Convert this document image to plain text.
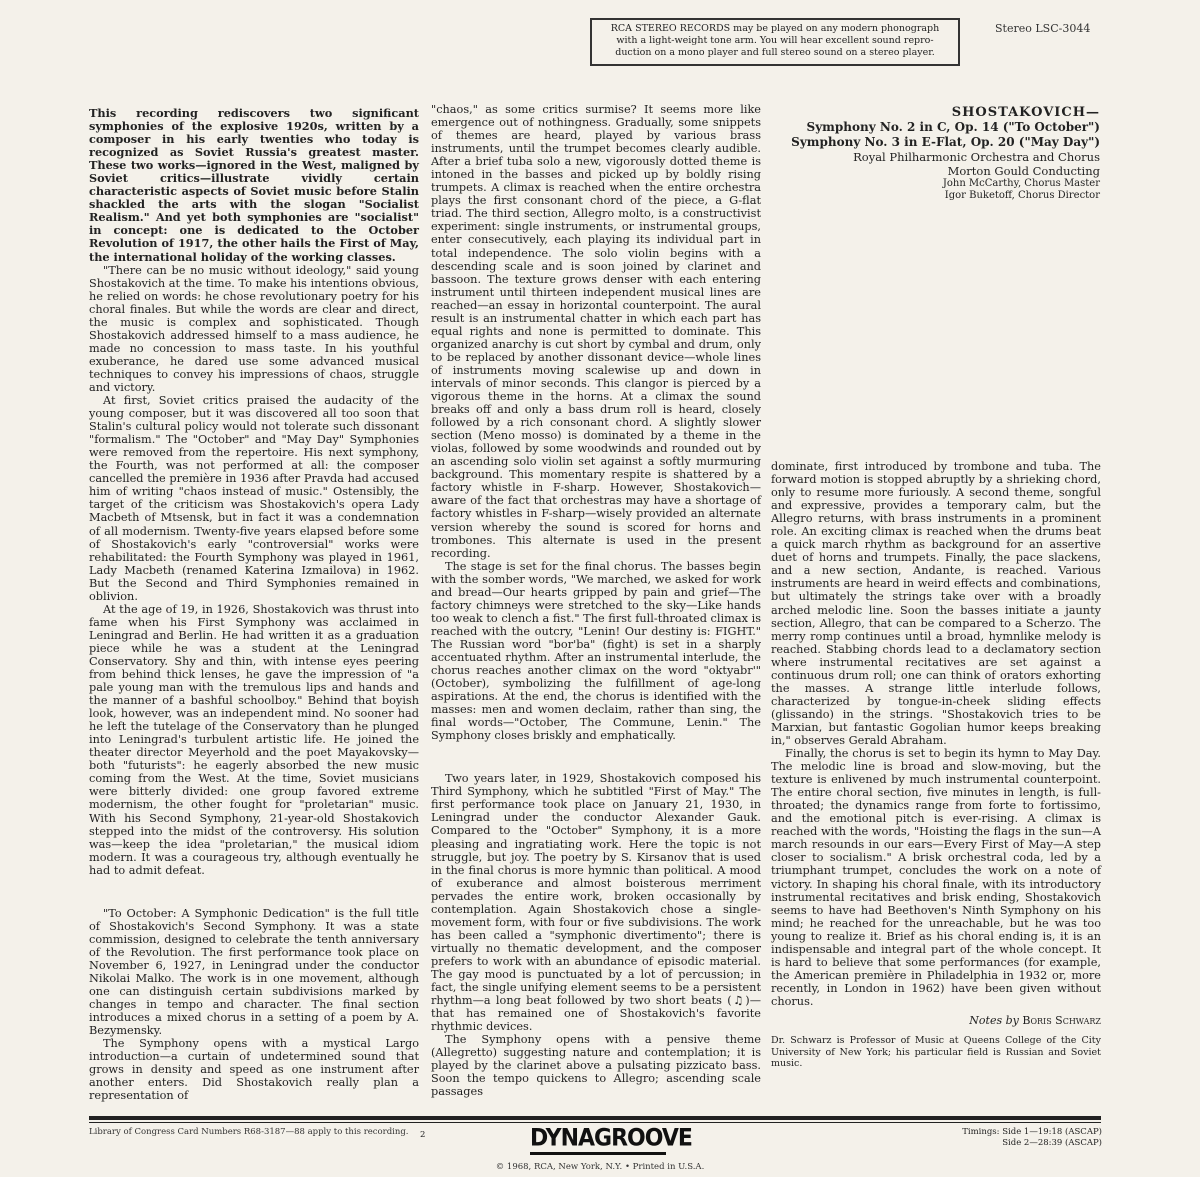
RCA STEREO RECORDS may be played on any modern phonograph
with a light-weight tone arm. You will hear excellent sound repro-
duction on a mono player and full stereo sound on a stereo player.
Stereo LSC-3044
SHOSTAKOVICH—
Symphony No. 2 in C, Op. 14 ("To October")
Symphony No. 3 in E-Flat, Op. 20 ("May Day")
Royal Philharmonic Orchestra and Chorus
Morton Gould Conducting
John McCarthy, Chorus Master
Igor Buketoff, Chorus Director

This recording rediscovers two significant symphonies of the explosive 1920s, written by a composer in his early twenties who today is recognized as Soviet Russia's greatest master. These two works—ignored in the West, maligned by Soviet critics—illustrate vividly certain characteristic aspects of Soviet music before Stalin shackled the arts with the slogan "Socialist Realism." And yet both symphonies are "socialist" in concept: one is dedicated to the October Revolution of 1917, the other hails the First of May, the international holiday of the working classes.

"There can be no music without ideology," said young Shostakovich at the time. To make his intentions obvious, he relied on words: he chose revolutionary poetry for his choral finales. But while the words are clear and direct, the music is complex and sophisticated. Though Shostakovich addressed himself to a mass audience, he made no concession to mass taste. In his youthful exuberance, he dared use some advanced musical techniques to convey his impressions of chaos, struggle and victory.

At first, Soviet critics praised the audacity of the young composer, but it was discovered all too soon that Stalin's cultural policy would not tolerate such dissonant "formalism." The "October" and "May Day" Symphonies were removed from the repertoire. His next symphony, the Fourth, was not performed at all: the composer cancelled the première in 1936 after Pravda had accused him of writing "chaos instead of music." Ostensibly, the target of the criticism was Shostakovich's opera Lady Macbeth of Mtsensk, but in fact it was a condemnation of all modernism. Twenty-five years elapsed before some of Shostakovich's early "controversial" works were rehabilitated: the Fourth Symphony was played in 1961, Lady Macbeth (renamed Katerina Izmailova) in 1962. But the Second and Third Symphonies remained in oblivion.

At the age of 19, in 1926, Shostakovich was thrust into fame when his First Symphony was acclaimed in Leningrad and Berlin. He had written it as a graduation piece while he was a student at the Leningrad Conservatory. Shy and thin, with intense eyes peering from behind thick lenses, he gave the impression of "a pale young man with the tremulous lips and hands and the manner of a bashful schoolboy." Behind that boyish look, however, was an independent mind. No sooner had he left the tutelage of the Conservatory than he plunged into Leningrad's turbulent artistic life. He joined the theater director Meyerhold and the poet Mayakovsky—both "futurists": he eagerly absorbed the new music coming from the West. At the time, Soviet musicians were bitterly divided: one group favored extreme modernism, the other fought for "proletarian" music. With his Second Symphony, 21-year-old Shostakovich stepped into the midst of the controversy. His solution was—keep the idea "proletarian," the musical idiom modern. It was a courageous try, although eventually he had to admit defeat.

"To October: A Symphonic Dedication" is the full title of Shostakovich's Second Symphony. It was a state commission, designed to celebrate the tenth anniversary of the Revolution. The first performance took place on November 6, 1927, in Leningrad under the conductor Nikolai Malko. The work is in one movement, although one can distinguish certain subdivisions marked by changes in tempo and character. The final section introduces a mixed chorus in a setting of a poem by A. Bezymensky.

The Symphony opens with a mystical Largo introduction—a curtain of undetermined sound that grows in density and speed as one instrument after another enters. Did Shostakovich really plan a representation of

"chaos," as some critics surmise? It seems more like emergence out of nothingness. Gradually, some snippets of themes are heard, played by various brass instruments, until the trumpet becomes clearly audible. After a brief tuba solo a new, vigorously dotted theme is intoned in the basses and picked up by boldly rising trumpets. A climax is reached when the entire orchestra plays the first consonant chord of the piece, a G-flat triad. The third section, Allegro molto, is a constructivist experiment: single instruments, or instrumental groups, enter consecutively, each playing its individual part in total independence. The solo violin begins with a descending scale and is soon joined by clarinet and bassoon. The texture grows denser with each entering instrument until thirteen independent musical lines are reached—an essay in horizontal counterpoint. The aural result is an instrumental chatter in which each part has equal rights and none is permitted to dominate. This organized anarchy is cut short by cymbal and drum, only to be replaced by another dissonant device—whole lines of instruments moving scalewise up and down in intervals of minor seconds. This clangor is pierced by a vigorous theme in the horns. At a climax the sound breaks off and only a bass drum roll is heard, closely followed by a rich consonant chord. A slightly slower section (Meno mosso) is dominated by a theme in the violas, followed by some woodwinds and rounded out by an ascending solo violin set against a softly murmuring background. This momentary respite is shattered by a factory whistle in F-sharp. However, Shostakovich—aware of the fact that orchestras may have a shortage of factory whistles in F-sharp—wisely provided an alternate version whereby the sound is scored for horns and trombones. This alternate is used in the present recording.

The stage is set for the final chorus. The basses begin with the somber words, "We marched, we asked for work and bread—Our hearts gripped by pain and grief—The factory chimneys were stretched to the sky—Like hands too weak to clench a fist." The first full-throated climax is reached with the outcry, "Lenin! Our destiny is: FIGHT." The Russian word "bor'ba" (fight) is set in a sharply accentuated rhythm. After an instrumental interlude, the chorus reaches another climax on the word "oktyabr'" (October), symbolizing the fulfillment of age-long aspirations. At the end, the chorus is identified with the masses: men and women declaim, rather than sing, the final words—"October, The Commune, Lenin." The Symphony closes briskly and emphatically.

Two years later, in 1929, Shostakovich composed his Third Symphony, which he subtitled "First of May." The first performance took place on January 21, 1930, in Leningrad under the conductor Alexander Gauk. Compared to the "October" Symphony, it is a more pleasing and ingratiating work. Here the topic is not struggle, but joy. The poetry by S. Kirsanov that is used in the final chorus is more hymnic than political. A mood of exuberance and almost boisterous merriment pervades the entire work, broken occasionally by contemplation. Again Shostakovich chose a single-movement form, with four or five subdivisions. The work has been called a "symphonic divertimento"; there is virtually no thematic development, and the composer prefers to work with an abundance of episodic material. The gay mood is punctuated by a lot of percussion; in fact, the single unifying element seems to be a persistent rhythm—a long beat followed by two short beats (♫)—that has remained one of Shostakovich's favorite rhythmic devices.

The Symphony opens with a pensive theme (Allegretto) suggesting nature and contemplation; it is played by the clarinet above a pulsating pizzicato bass. Soon the tempo quickens to Allegro; ascending scale passages

dominate, first introduced by trombone and tuba. The forward motion is stopped abruptly by a shrieking chord, only to resume more furiously. A second theme, songful and expressive, provides a temporary calm, but the Allegro returns, with brass instruments in a prominent role. An exciting climax is reached when the drums beat a quick march rhythm as background for an assertive duet of horns and trumpets. Finally, the pace slackens, and a new section, Andante, is reached. Various instruments are heard in weird effects and combinations, but ultimately the strings take over with a broadly arched melodic line. Soon the basses initiate a jaunty section, Allegro, that can be compared to a Scherzo. The merry romp continues until a broad, hymnlike melody is reached. Stabbing chords lead to a declamatory section where instrumental recitatives are set against a continuous drum roll; one can think of orators exhorting the masses. A strange little interlude follows, characterized by tongue-in-cheek sliding effects (glissando) in the strings. "Shostakovich tries to be Marxian, but fantastic Gogolian humor keeps breaking in," observes Gerald Abraham.

Finally, the chorus is set to begin its hymn to May Day. The melodic line is broad and slow-moving, but the texture is enlivened by much instrumental counterpoint. The entire choral section, five minutes in length, is full-throated; the dynamics range from forte to fortissimo, and the emotional pitch is ever-rising. A climax is reached with the words, "Hoisting the flags in the sun—A march resounds in our ears—Every First of May—A step closer to socialism." A brisk orchestral coda, led by a triumphant trumpet, concludes the work on a note of victory. In shaping his choral finale, with its introductory instrumental recitatives and brisk ending, Shostakovich seems to have had Beethoven's Ninth Symphony on his mind; he reached for the unreachable, but he was too young to realize it. Brief as his choral ending is, it is an indispensable and integral part of the whole concept. It is hard to believe that some performances (for example, the American première in Philadelphia in 1932 or, more recently, in London in 1962) have been given without chorus.

Notes by Boris Schwarz
Dr. Schwarz is Professor of Music at Queens College of the City University of New York; his particular field is Russian and Soviet music.
Library of Congress Card Numbers R68-3187—88 apply to this recording. 2	DYNAGROOVE	Timings: Side 1—19:18 (ASCAP)
Side 2—28:39 (ASCAP)
© 1968, RCA, New York, N.Y. • Printed in U.S.A.
